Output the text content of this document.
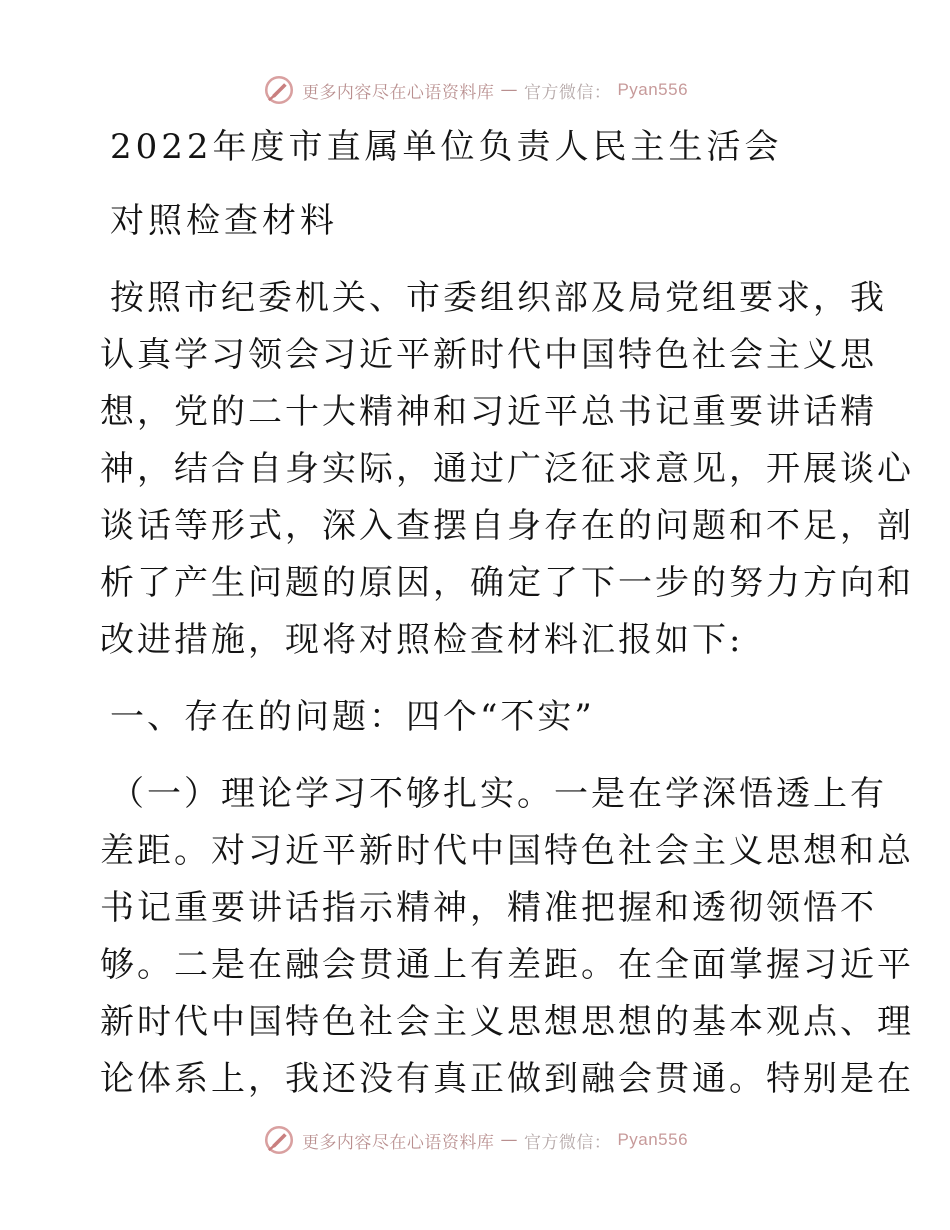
更多内容尽在心语资料库 — 官方微信： Pyan556
2022年度市直属单位负责人民主生活会
对照检查材料
按照市纪委机关、市委组织部及局党组要求，我
认真学习领会习近平新时代中国特色社会主义思
想，党的二十大精神和习近平总书记重要讲话精
神，结合自身实际，通过广泛征求意见，开展谈心
谈话等形式，深入查摆自身存在的问题和不足，剖
析了产生问题的原因，确定了下一步的努力方向和
改进措施，现将对照检查材料汇报如下:
一、存在的问题：四个“不实”
（一）理论学习不够扎实。一是在学深悟透上有
差距。对习近平新时代中国特色社会主义思想和总
书记重要讲话指示精神，精准把握和透彻领悟不
够。二是在融会贯通上有差距。在全面掌握习近平
新时代中国特色社会主义思想思想的基本观点、理
论体系上，我还没有真正做到融会贯通。特别是在
更多内容尽在心语资料库 — 官方微信： Pyan556
